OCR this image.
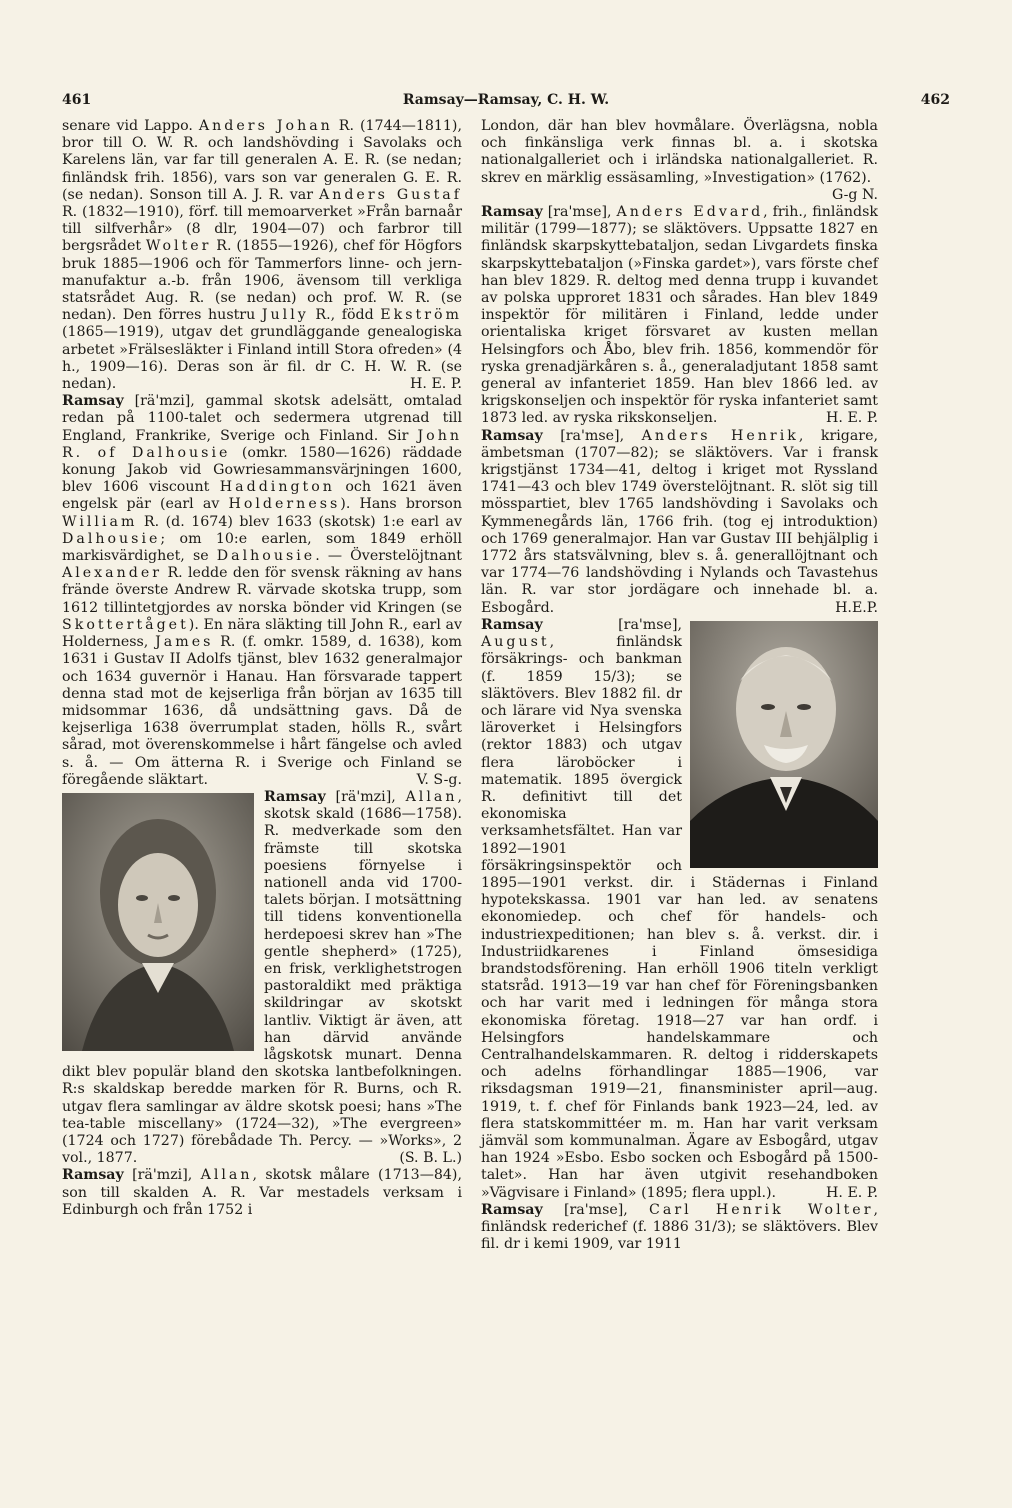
461	Ramsay—Ramsay, C. H. W.	462

senare vid Lappo. Anders Johan R. (1744—1811), bror till O. W. R. och landshövding i Savolaks och Karelens län, var far till generalen A. E. R. (se nedan; finländsk frih. 1856), vars son var generalen G. E. R. (se nedan). Sonson till A. J. R. var Anders Gustaf R. (1832—1910), förf. till memoarverket »Från barnaår till silfverhår» (8 dlr, 1904—07) och farbror till bergsrådet Wolter R. (1855—1926), chef för Högfors bruk 1885—1906 och för Tammerfors linne- och jern-manufaktur a.-b. från 1906, ävensom till verkliga statsrådet Aug. R. (se nedan) och prof. W. R. (se nedan). Den förres hustru Jully R., född Ekström (1865—1919), utgav det grundläggande genealogiska arbetet »Frälsesläkter i Finland intill Stora ofreden» (4 h., 1909—16). Deras son är fil. dr C. H. W. R. (se nedan).	H. E. P.

Ramsay [rä'mzi], gammal skotsk adelsätt, omtalad redan på 1100-talet och sedermera utgrenad till England, Frankrike, Sverige och Finland. Sir John R. of Dalhousie (omkr. 1580—1626) räddade konung Jakob vid Gowriesammansvärjningen 1600, blev 1606 viscount Haddington och 1621 även engelsk pär (earl av Holderness). Hans brorson William R. (d. 1674) blev 1633 (skotsk) 1:e earl av Dalhousie; om 10:e earlen, som 1849 erhöll markisvärdighet, se Dalhousie. — Överstelöjtnant Alexander R. ledde den för svensk räkning av hans frände överste Andrew R. värvade skotska trupp, som 1612 tillintetgjordes av norska bönder vid Kringen (se Skottertåget). En nära släkting till John R., earl av Holderness, James R. (f. omkr. 1589, d. 1638), kom 1631 i Gustav II Adolfs tjänst, blev 1632 generalmajor och 1634 guvernör i Hanau. Han försvarade tappert denna stad mot de kejserliga från början av 1635 till midsommar 1636, då undsättning gavs. Då de kejserliga 1638 överrumplat staden, hölls R., svårt sårad, mot överenskommelse i hårt fängelse och avled s. å. — Om ätterna R. i Sverige och Finland se föregående släktart.	V. S-g.

Ramsay [rä'mzi], Allan, skotsk skald (1686—1758). R. medverkade som den främste till skotska poesiens förnyelse i nationell anda vid 1700-talets början. I motsättning till tidens konventionella herdepoesi skrev han »The gentle shepherd» (1725), en frisk, verklighetstrogen pastoraldikt med präktiga skildringar av skotskt lantliv. Viktigt är även, att han därvid använde lågskotsk munart. Denna dikt blev populär bland den skotska lantbefolkningen. R:s skaldskap beredde marken för R. Burns, och R. utgav flera samlingar av äldre skotsk poesi; hans »The tea-table miscellany» (1724—32), »The evergreen» (1724 och 1727) förebådade Th. Percy. — »Works», 2 vol., 1877.	(S. B. L.)

Ramsay [rä'mzi], Allan, skotsk målare (1713—84), son till skalden A. R. Var mestadels verksam i Edinburgh och från 1752 i

London, där han blev hovmålare. Överlägsna, nobla och finkänsliga verk finnas bl. a. i skotska nationalgalleriet och i irländska nationalgalleriet. R. skrev en märklig essäsamling, »Investigation» (1762).
G-g N.

Ramsay [ra'mse], Anders Edvard, frih., finländsk militär (1799—1877); se släktövers. Uppsatte 1827 en finländsk skarpskyttebataljon, sedan Livgardets finska skarpskyttebataljon (»Finska gardet»), vars förste chef han blev 1829. R. deltog med denna trupp i kuvandet av polska upproret 1831 och sårades. Han blev 1849 inspektör för militären i Finland, ledde under orientaliska kriget försvaret av kusten mellan Helsingfors och Åbo, blev frih. 1856, kommendör för ryska grenadjärkåren s. å., generaladjutant 1858 samt general av infanteriet 1859. Han blev 1866 led. av krigskonseljen och inspektör för ryska infanteriet samt 1873 led. av ryska rikskonseljen.	H. E. P.

Ramsay [ra'mse], Anders Henrik, krigare, ämbetsman (1707—82); se släktövers. Var i fransk krigstjänst 1734—41, deltog i kriget mot Ryssland 1741—43 och blev 1749 överstelöjtnant. R. slöt sig till mösspartiet, blev 1765 landshövding i Savolaks och Kymmenegårds län, 1766 frih. (tog ej introduktion) och 1769 generalmajor. Han var Gustav III behjälplig i 1772 års statsvälvning, blev s. å. generallöjtnant och var 1774—76 landshövding i Nylands och Tavastehus län. R. var stor jordägare och innehade bl. a. Esbogård.	H.E.P.

Ramsay [ra'mse], August, finländsk försäkrings- och bankman (f. 1859 15/3); se släktövers. Blev 1882 fil. dr och lärare vid Nya svenska läroverket i Helsingfors (rektor 1883) och utgav flera läroböcker i matematik. 1895 övergick R. definitivt till det ekonomiska verksamhetsfältet. Han var 1892—1901 försäkringsinspektör och 1895—1901 verkst. dir. i Städernas i Finland hypotekskassa. 1901 var han led. av senatens ekonomiedep. och chef för handels- och industriexpeditionen; han blev s. å. verkst. dir. i Industriidkarenes i Finland ömsesidiga brandstodsförening. Han erhöll 1906 titeln verkligt statsråd. 1913—19 var han chef för Föreningsbanken och har varit med i ledningen för många stora ekonomiska företag. 1918—27 var han ordf. i Helsingfors handelskammare och Centralhandelskammaren. R. deltog i ridderskapets och adelns förhandlingar 1885—1906, var riksdagsman 1919—21, finansminister april—aug. 1919, t. f. chef för Finlands bank 1923—24, led. av flera statskommittéer m. m. Han har varit verksam jämväl som kommunalman. Ägare av Esbogård, utgav han 1924 »Esbo. Esbo socken och Esbogård på 1500-talet». Han har även utgivit resehandboken »Vägvisare i Finland» (1895; flera uppl.).	H. E. P.

Ramsay [ra'mse], Carl Henrik Wolter, finländsk rederichef (f. 1886 31/3); se släktövers. Blev fil. dr i kemi 1909, var 1911
